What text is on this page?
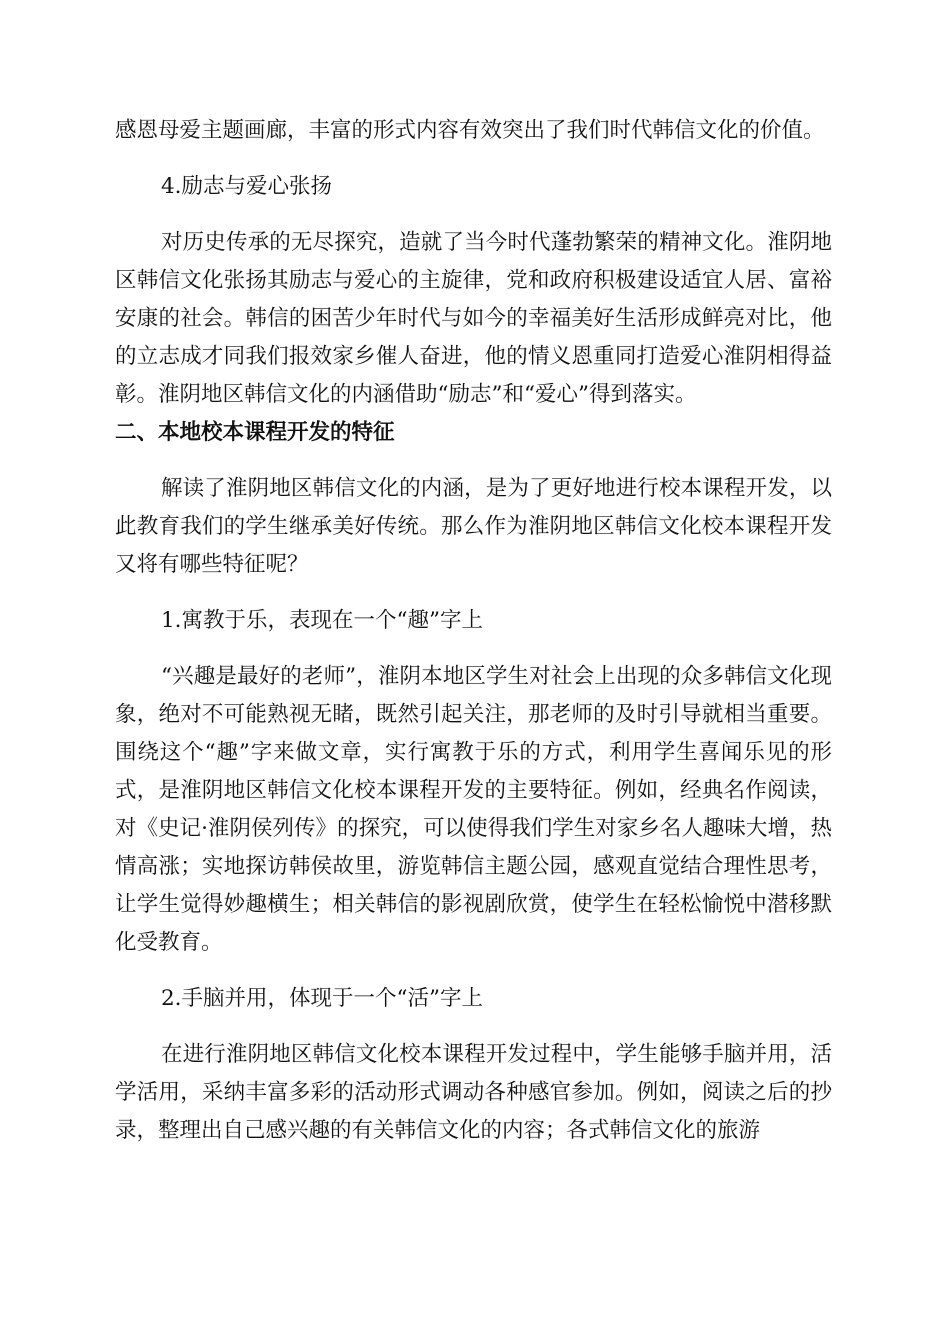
感恩母爱主题画廊，丰富的形式内容有效突出了我们时代韩信文化的价值。

4.励志与爱心张扬

对历史传承的无尽探究，造就了当今时代蓬勃繁荣的精神文化。淮阴地区韩信文化张扬其励志与爱心的主旋律，党和政府积极建设适宜人居、富裕安康的社会。韩信的困苦少年时代与如今的幸福美好生活形成鲜亮对比，他的立志成才同我们报效家乡催人奋进，他的情义恩重同打造爱心淮阴相得益彰。淮阴地区韩信文化的内涵借助“励志”和“爱心”得到落实。

二、本地校本课程开发的特征

解读了淮阴地区韩信文化的内涵，是为了更好地进行校本课程开发，以此教育我们的学生继承美好传统。那么作为淮阴地区韩信文化校本课程开发又将有哪些特征呢？

1.寓教于乐，表现在一个“趣”字上

“兴趣是最好的老师”，淮阴本地区学生对社会上出现的众多韩信文化现象，绝对不可能熟视无睹，既然引起关注，那老师的及时引导就相当重要。围绕这个“趣”字来做文章，实行寓教于乐的方式，利用学生喜闻乐见的形式，是淮阴地区韩信文化校本课程开发的主要特征。例如，经典名作阅读，对《史记·淮阴侯列传》的探究，可以使得我们学生对家乡名人趣味大增，热情高涨；实地探访韩侯故里，游览韩信主题公园，感观直觉结合理性思考，让学生觉得妙趣横生；相关韩信的影视剧欣赏，使学生在轻松愉悦中潜移默化受教育。

2.手脑并用，体现于一个“活”字上

在进行淮阴地区韩信文化校本课程开发过程中，学生能够手脑并用，活学活用，采纳丰富多彩的活动形式调动各种感官参加。例如，阅读之后的抄录，整理出自己感兴趣的有关韩信文化的内容；各式韩信文化的旅游
